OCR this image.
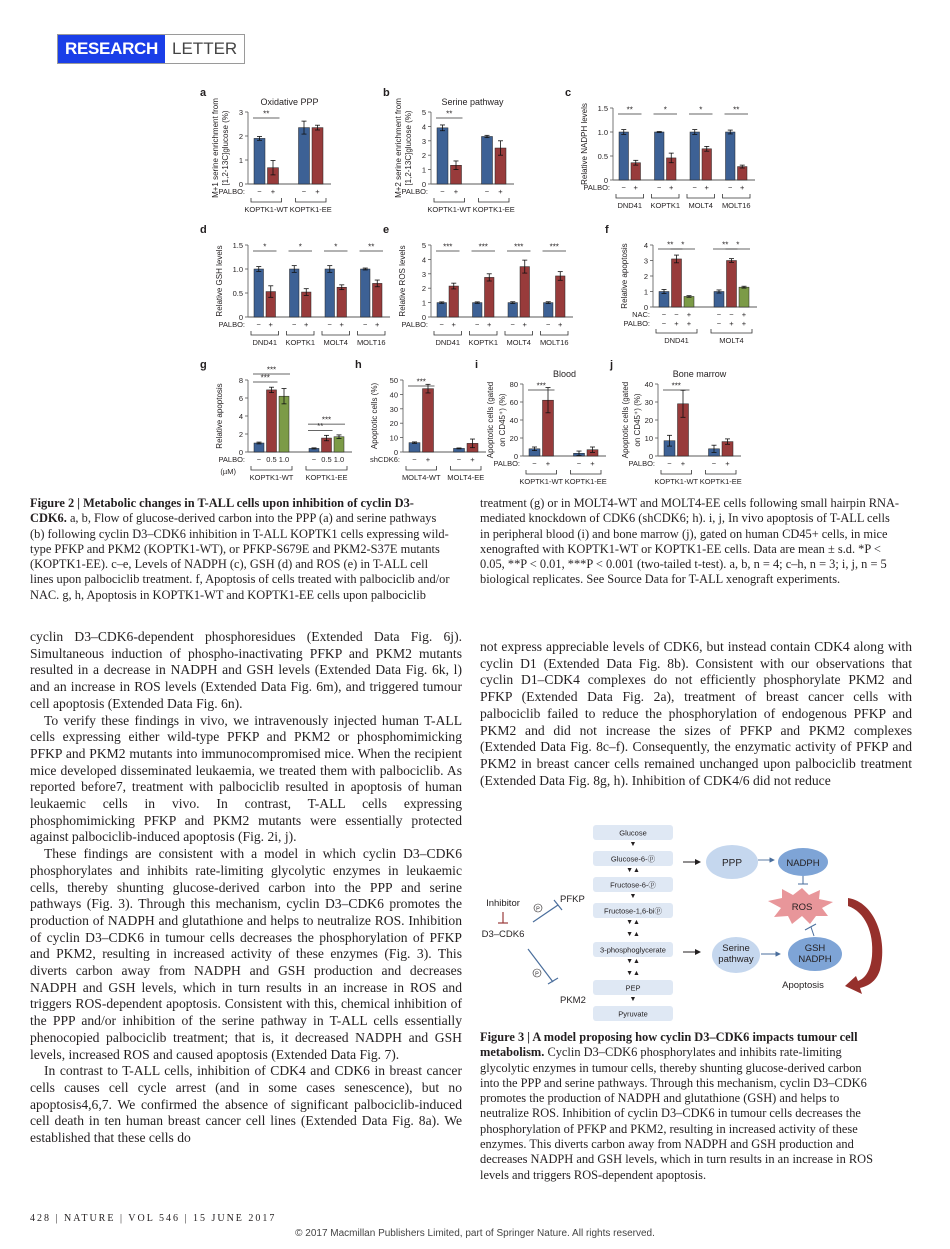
RESEARCH LETTER
a
Oxidative PPP
M+1 serine enrichment from [1,2-13C]glucose (%) 0
1
2
3
− +
KOPTK1-WT
− +
KOPTK1-EE
PALBO:
**
b
Serine pathway
M+2 serine enrichment from [1,2-13C]glucose (%) 0
1
2
3
4
5
− +
KOPTK1-WT
− +
KOPTK1-EE
PALBO:
**
c
Relative NADPH levels 0
0.5
1.0
1.5
− +
DND41
− +
KOPTK1
− +
MOLT4
− +
MOLT16
PALBO:
**	*	*	**
d
Relative GSH levels
0
0.5
1.0
1.5
− +
DND41
− +
KOPTK1
− +
MOLT4
− +
MOLT16
PALBO:
*	*	*	**
e
Relative ROS levels
0
1
2
3
4
5
− +
DND41
− +
KOPTK1
− +
MOLT4
− +
MOLT16
PALBO:
***	***	***	***
f
Relative apoptosis 0
1
2
3
4
− + +
− − +
DND41
− + +
− − +
MOLT4
PALBO:
NAC:
** *	** *
g
Relative apoptosis
0
2
4
6
8
− 0.5 1.0
KOPTK1-WT
− 0.5 1.0
KOPTK1-EE
PALBO:
(µM)
***
***
**
***
h
Apoptotic cells (%)
0
10
20
30
40
50
− +
MOLT4-WT
− +
MOLT4-EE
shCDK6:
***
i
Blood
Apoptotic cells (gated on CD45⁺) (%)
0
20
40
60
80
− +
KOPTK1-WT
− +
KOPTK1-EE
PALBO:
***
j
Bone marrow
Apoptotic cells (gated on CD45⁺) (%)
0
10
20
30
40
− +
KOPTK1-WT
− +
KOPTK1-EE
PALBO:
***
Figure 2 | Metabolic changes in T-ALL cells upon inhibition of cyclin D3-CDK6. a, b, Flow of glucose-derived carbon into the PPP (a) and serine pathways (b) following cyclin D3–CDK6 inhibition in T-ALL KOPTK1 cells expressing wild-type PFKP and PKM2 (KOPTK1-WT), or PFKP-S679E and PKM2-S37E mutants (KOPTK1-EE). c–e, Levels of NADPH (c), GSH (d) and ROS (e) in T-ALL cell lines upon palbociclib treatment. f, Apoptosis of cells treated with palbociclib and/or NAC. g, h, Apoptosis in KOPTK1-WT and KOPTK1-EE cells upon palbociclib
treatment (g) or in MOLT4-WT and MOLT4-EE cells following small hairpin RNA-mediated knockdown of CDK6 (shCDK6; h). i, j, In vivo apoptosis of T-ALL cells in peripheral blood (i) and bone marrow (j), gated on human CD45+ cells, in mice xenografted with KOPTK1-WT or KOPTK1-EE cells. Data are mean ± s.d. *P < 0.05, **P < 0.01, ***P < 0.001 (two-tailed t-test). a, b, n = 4; c–h, n = 3; i, j, n = 5 biological replicates. See Source Data for T-ALL xenograft experiments.

cyclin D3–CDK6-dependent phosphoresidues (Extended Data Fig. 6j). Simultaneous induction of phospho-inactivating PFKP and PKM2 mutants resulted in a decrease in NADPH and GSH levels (Extended Data Fig. 6k, l) and an increase in ROS levels (Extended Data Fig. 6m), and triggered tumour cell apoptosis (Extended Data Fig. 6n).

To verify these findings in vivo, we intravenously injected human T-ALL cells expressing either wild-type PFKP and PKM2 or phosphomimicking PFKP and PKM2 mutants into immunocompromised mice. When the recipient mice developed disseminated leukaemia, we treated them with palbociclib. As reported before7, treatment with palbociclib resulted in apoptosis of human leukaemic cells in vivo. In contrast, T-ALL cells expressing phosphomimicking PFKP and PKM2 mutants were essentially protected against palbociclib-induced apoptosis (Fig. 2i, j).

These findings are consistent with a model in which cyclin D3–CDK6 phosphorylates and inhibits rate-limiting glycolytic enzymes in leukaemic cells, thereby shunting glucose-derived carbon into the PPP and serine pathways (Fig. 3). Through this mechanism, cyclin D3–CDK6 promotes the production of NADPH and glutathione and helps to neutralize ROS. Inhibition of cyclin D3–CDK6 in tumour cells decreases the phosphorylation of PFKP and PKM2, resulting in increased activity of these enzymes (Fig. 3). This diverts carbon away from NADPH and GSH production and decreases NADPH and GSH levels, which in turn results in an increase in ROS and triggers ROS-dependent apoptosis. Consistent with this, chemical inhibition of the PPP and/or inhibition of the serine pathway in T-ALL cells essentially phenocopied palbociclib treatment; that is, it decreased NADPH and GSH levels, increased ROS and caused apoptosis (Extended Data Fig. 7).

In contrast to T-ALL cells, inhibition of CDK4 and CDK6 in breast cancer cells causes cell cycle arrest (and in some cases senescence), but no apoptosis4,6,7. We confirmed the absence of significant palbociclib-induced cell death in ten human breast cancer cell lines (Extended Data Fig. 8a). We established that these cells do

not express appreciable levels of CDK6, but instead contain CDK4 along with cyclin D1 (Extended Data Fig. 8b). Consistent with our observations that cyclin D1–CDK4 complexes do not efficiently phosphorylate PKM2 and PFKP (Extended Data Fig. 2a), treatment of breast cancer cells with palbociclib failed to reduce the phosphorylation of endogenous PFKP and PKM2 and did not increase the sizes of PFKP and PKM2 complexes (Extended Data Fig. 8c–f). Consequently, the enzymatic activity of PFKP and PKM2 in breast cancer cells remained unchanged upon palbociclib treatment (Extended Data Fig. 8g, h). Inhibition of CDK4/6 did not reduce

Glucose
Glucose-6-ⓟ
Fructose-6-ⓟ
Fructose-1,6-biⓟ
3-phosphoglycerate
PEP
Pyruvate
▼
▼▲
▼
▼▲
▼▲
▼▲
▼▲
▼
Inhibitor
D3–CDK6
P
PFKP
P
PKM2
PPP	NADPH
ROS
Serine
pathway
GSH
NADPH
Apoptosis
Figure 3 | A model proposing how cyclin D3–CDK6 impacts tumour cell metabolism. Cyclin D3–CDK6 phosphorylates and inhibits rate-limiting glycolytic enzymes in tumour cells, thereby shunting glucose-derived carbon into the PPP and serine pathways. Through this mechanism, cyclin D3–CDK6 promotes the production of NADPH and glutathione (GSH) and helps to neutralize ROS. Inhibition of cyclin D3–CDK6 in tumour cells decreases the phosphorylation of PFKP and PKM2, resulting in increased activity of these enzymes. This diverts carbon away from NADPH and GSH production and decreases NADPH and GSH levels, which in turn results in an increase in ROS levels and triggers ROS-dependent apoptosis.
428 | NATURE | VOL 546 | 15 JUNE 2017
© 2017 Macmillan Publishers Limited, part of Springer Nature. All rights reserved.
